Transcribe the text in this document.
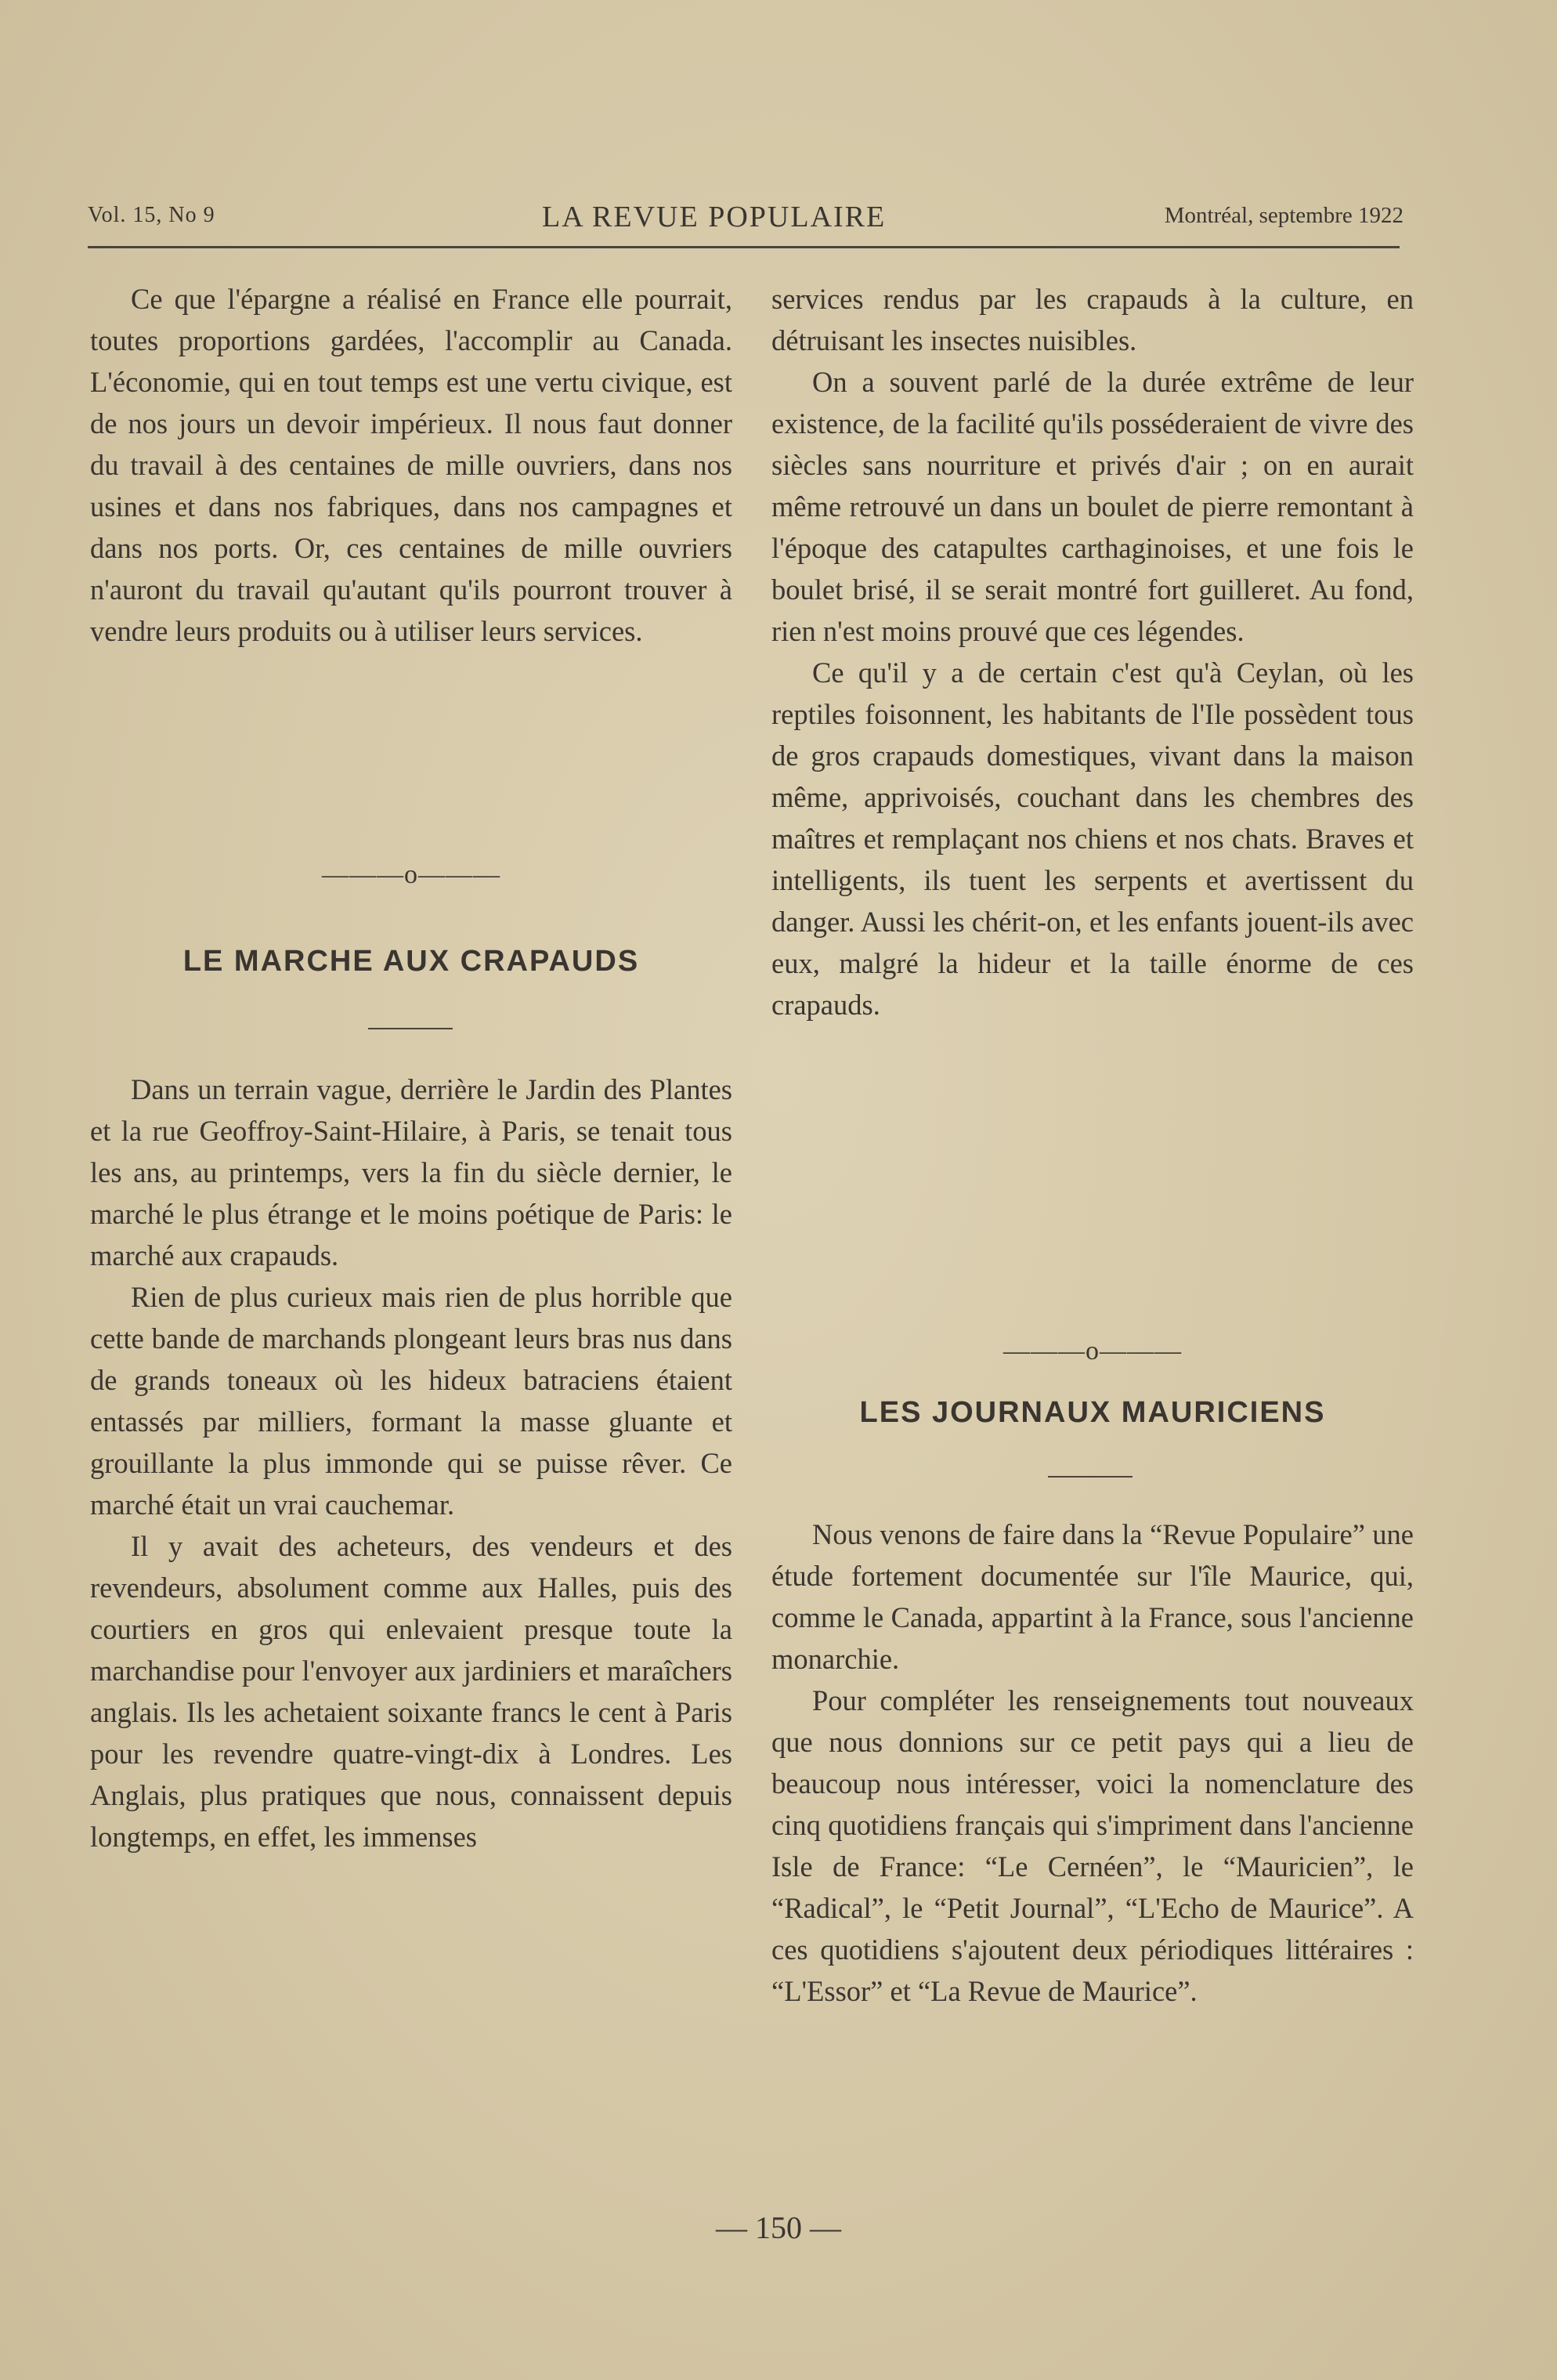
Vol. 15, No 9	LA REVUE POPULAIRE	Montréal, septembre 1922

Ce que l'épargne a réalisé en France elle pourrait, toutes proportions gardées, l'accomplir au Canada. L'économie, qui en tout temps est une vertu civique, est de nos jours un devoir impérieux. Il nous faut donner du travail à des centaines de mille ouvriers, dans nos usines et dans nos fabriques, dans nos campagnes et dans nos ports. Or, ces centaines de mille ouvriers n'auront du travail qu'autant qu'ils pourront trouver à vendre leurs produits ou à utiliser leurs services.

———o———
LE MARCHE AUX CRAPAUDS

Dans un terrain vague, derrière le Jardin des Plantes et la rue Geoffroy-Saint-Hilaire, à Paris, se tenait tous les ans, au printemps, vers la fin du siècle dernier, le marché le plus étrange et le moins poétique de Paris: le marché aux crapauds.

Rien de plus curieux mais rien de plus horrible que cette bande de marchands plongeant leurs bras nus dans de grands toneaux où les hideux batraciens étaient entassés par milliers, formant la masse gluante et grouillante la plus immonde qui se puisse rêver. Ce marché était un vrai cauchemar.

Il y avait des acheteurs, des vendeurs et des revendeurs, absolument comme aux Halles, puis des courtiers en gros qui enlevaient presque toute la marchandise pour l'envoyer aux jardiniers et maraîchers anglais. Ils les achetaient soixante francs le cent à Paris pour les revendre quatre-vingt-dix à Londres. Les Anglais, plus pratiques que nous, connaissent depuis longtemps, en effet, les immenses

services rendus par les crapauds à la culture, en détruisant les insectes nuisibles.

On a souvent parlé de la durée extrême de leur existence, de la facilité qu'ils posséderaient de vivre des siècles sans nourriture et privés d'air ; on en aurait même retrouvé un dans un boulet de pierre remontant à l'époque des catapultes carthaginoises, et une fois le boulet brisé, il se serait montré fort guilleret. Au fond, rien n'est moins prouvé que ces légendes.

Ce qu'il y a de certain c'est qu'à Ceylan, où les reptiles foisonnent, les habitants de l'Ile possèdent tous de gros crapauds domestiques, vivant dans la maison même, apprivoisés, couchant dans les chembres des maîtres et remplaçant nos chiens et nos chats. Braves et intelligents, ils tuent les serpents et avertissent du danger. Aussi les chérit-on, et les enfants jouent-ils avec eux, malgré la hideur et la taille énorme de ces crapauds.

———o———
LES JOURNAUX MAURICIENS

Nous venons de faire dans la “Revue Populaire” une étude fortement documentée sur l'île Maurice, qui, comme le Canada, appartint à la France, sous l'ancienne monarchie.

Pour compléter les renseignements tout nouveaux que nous donnions sur ce petit pays qui a lieu de beaucoup nous intéresser, voici la nomenclature des cinq quotidiens français qui s'impriment dans l'ancienne Isle de France: “Le Cernéen”, le “Mauricien”, le “Radical”, le “Petit Journal”, “L'Echo de Maurice”. A ces quotidiens s'ajoutent deux périodiques littéraires : “L'Essor” et “La Revue de Maurice”.

— 150 —
